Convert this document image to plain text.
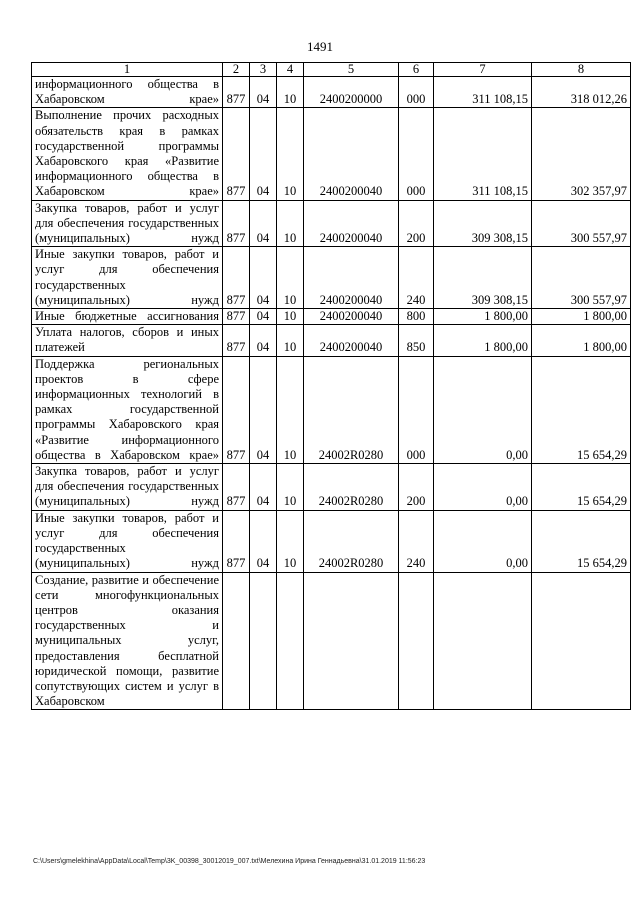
1491
1	2	3	4	5	6	7	8
информационного общества в Хабаровском крае»	877	04	10	2400200000	000	311 108,15	318 012,26
Выполнение прочих расходных обязательств края в рамках государственной программы Хабаровского края «Развитие информационного общества в Хабаровском крае»	877	04	10	2400200040	000	311 108,15	302 357,97
Закупка товаров, работ и услуг для обеспечения государственных (муниципальных) нужд	877	04	10	2400200040	200	309 308,15	300 557,97
Иные закупки товаров, работ и услуг для обеспечения государственных (муниципальных) нужд	877	04	10	2400200040	240	309 308,15	300 557,97
Иные бюджетные ассигнования	877	04	10	2400200040	800	1 800,00	1 800,00
Уплата налогов, сборов и иных платежей	877	04	10	2400200040	850	1 800,00	1 800,00
Поддержка региональных проектов в сфере информационных технологий в рамках государственной программы Хабаровского края «Развитие информационного общества в Хабаровском крае»	877	04	10	24002R0280	000	0,00	15 654,29
Закупка товаров, работ и услуг для обеспечения государственных (муниципальных) нужд	877	04	10	24002R0280	200	0,00	15 654,29
Иные закупки товаров, работ и услуг для обеспечения государственных (муниципальных) нужд	877	04	10	24002R0280	240	0,00	15 654,29
Создание, развитие и обеспечение сети многофункциональных центров оказания государственных и муниципальных услуг, предоставления бесплатной юридической помощи, развитие сопутствующих систем и услуг в Хабаровском							
C:\Users\gmelekhina\AppData\Local\Temp\3K_00398_30012019_007.txt\Мелехина Ирина Геннадьевна\31.01.2019 11:56:23
